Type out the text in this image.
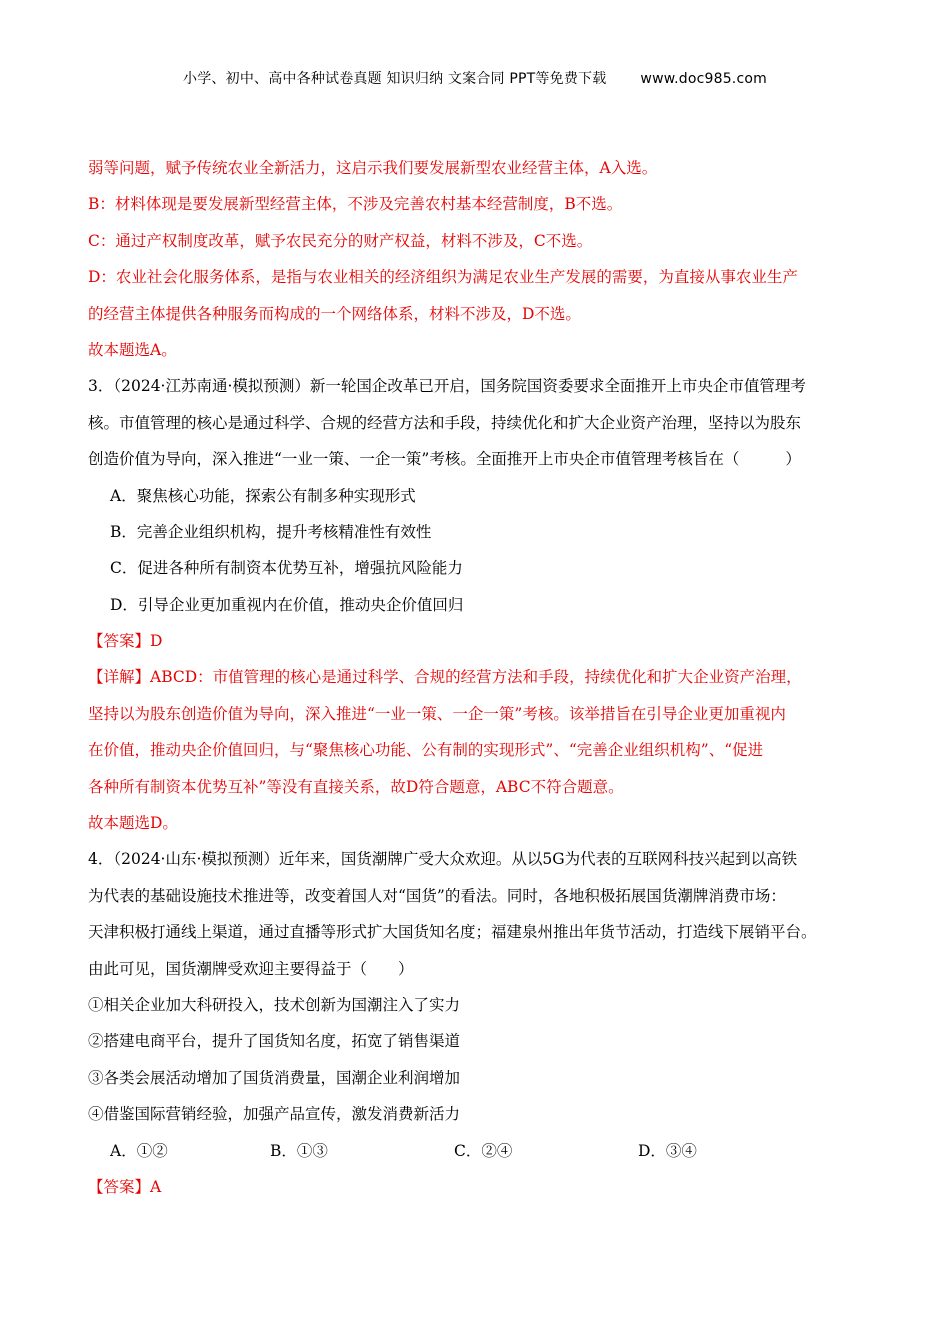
小学、初中、高中各种试卷真题 知识归纳 文案合同 PPT等免费下载 www.doc985.com
弱等问题，赋予传统农业全新活力，这启示我们要发展新型农业经营主体，A入选。
B：材料体现是要发展新型经营主体，不涉及完善农村基本经营制度，B不选。
C：通过产权制度改革，赋予农民充分的财产权益，材料不涉及，C不选。
D：农业社会化服务体系，是指与农业相关的经济组织为满足农业生产发展的需要，为直接从事农业生产
的经营主体提供各种服务而构成的一个网络体系，材料不涉及，D不选。
故本题选A。
3．（2024·江苏南通·模拟预测）新一轮国企改革已开启，国务院国资委要求全面推开上市央企市值管理考
核。市值管理的核心是通过科学、合规的经营方法和手段，持续优化和扩大企业资产治理，坚持以为股东
创造价值为导向，深入推进“一业一策、一企一策”考核。全面推开上市央企市值管理考核旨在（	）
A．聚焦核心功能，探索公有制多种实现形式
B．完善企业组织机构，提升考核精准性有效性
C．促进各种所有制资本优势互补，增强抗风险能力
D．引导企业更加重视内在价值，推动央企价值回归
【答案】D
【详解】ABCD：市值管理的核心是通过科学、合规的经营方法和手段，持续优化和扩大企业资产治理，
坚持以为股东创造价值为导向，深入推进“一业一策、一企一策”考核。该举措旨在引导企业更加重视内
在价值，推动央企价值回归，与“聚焦核心功能、公有制的实现形式”、“完善企业组织机构”、“促进
各种所有制资本优势互补”等没有直接关系，故D符合题意，ABC不符合题意。
故本题选D。
4．（2024·山东·模拟预测）近年来，国货潮牌广受大众欢迎。从以5G为代表的互联网科技兴起到以高铁
为代表的基础设施技术推进等，改变着国人对“国货”的看法。同时，各地积极拓展国货潮牌消费市场：
天津积极打通线上渠道，通过直播等形式扩大国货知名度；福建泉州推出年货节活动，打造线下展销平台。
由此可见，国货潮牌受欢迎主要得益于（　　）
①相关企业加大科研投入，技术创新为国潮注入了实力
②搭建电商平台，提升了国货知名度，拓宽了销售渠道
③各类会展活动增加了国货消费量，国潮企业利润增加
④借鉴国际营销经验，加强产品宣传，激发消费新活力
A．①②	B．①③	C．②④	D．③④
【答案】A
